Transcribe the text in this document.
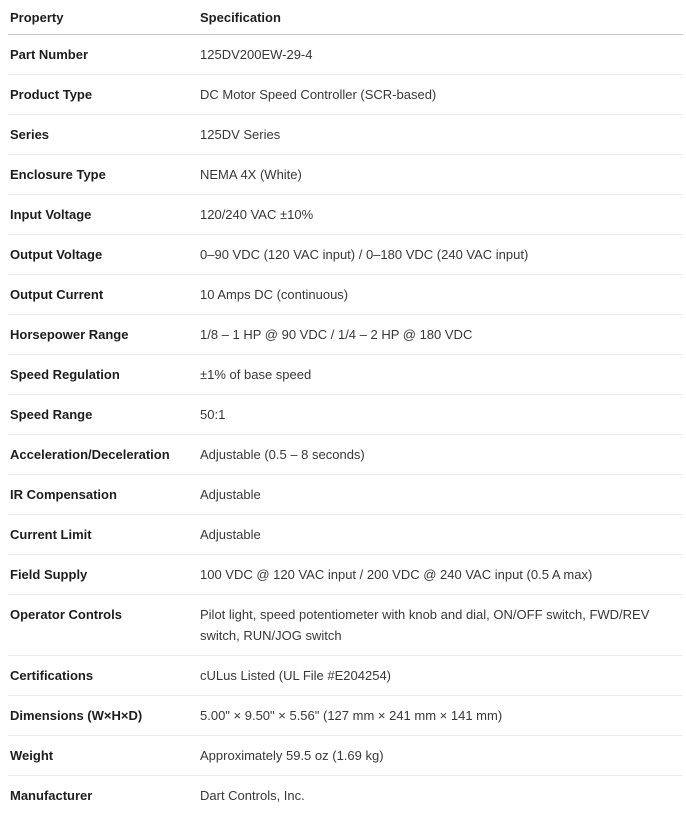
Property	Specification
Part Number	125DV200EW-29-4
Product Type	DC Motor Speed Controller (SCR-based)
Series	125DV Series
Enclosure Type	NEMA 4X (White)
Input Voltage	120/240 VAC ±10%
Output Voltage	0–90 VDC (120 VAC input) / 0–180 VDC (240 VAC input)
Output Current	10 Amps DC (continuous)
Horsepower Range	1/8 – 1 HP @ 90 VDC / 1/4 – 2 HP @ 180 VDC
Speed Regulation	±1% of base speed
Speed Range	50:1
Acceleration/Deceleration	Adjustable (0.5 – 8 seconds)
IR Compensation	Adjustable
Current Limit	Adjustable
Field Supply	100 VDC @ 120 VAC input / 200 VDC @ 240 VAC input (0.5 A max)
Operator Controls	Pilot light, speed potentiometer with knob and dial, ON/OFF switch, FWD/REV switch, RUN/JOG switch
Certifications	cULus Listed (UL File #E204254)
Dimensions (W×H×D)	5.00" × 9.50" × 5.56" (127 mm × 241 mm × 141 mm)
Weight	Approximately 59.5 oz (1.69 kg)
Manufacturer	Dart Controls, Inc.
